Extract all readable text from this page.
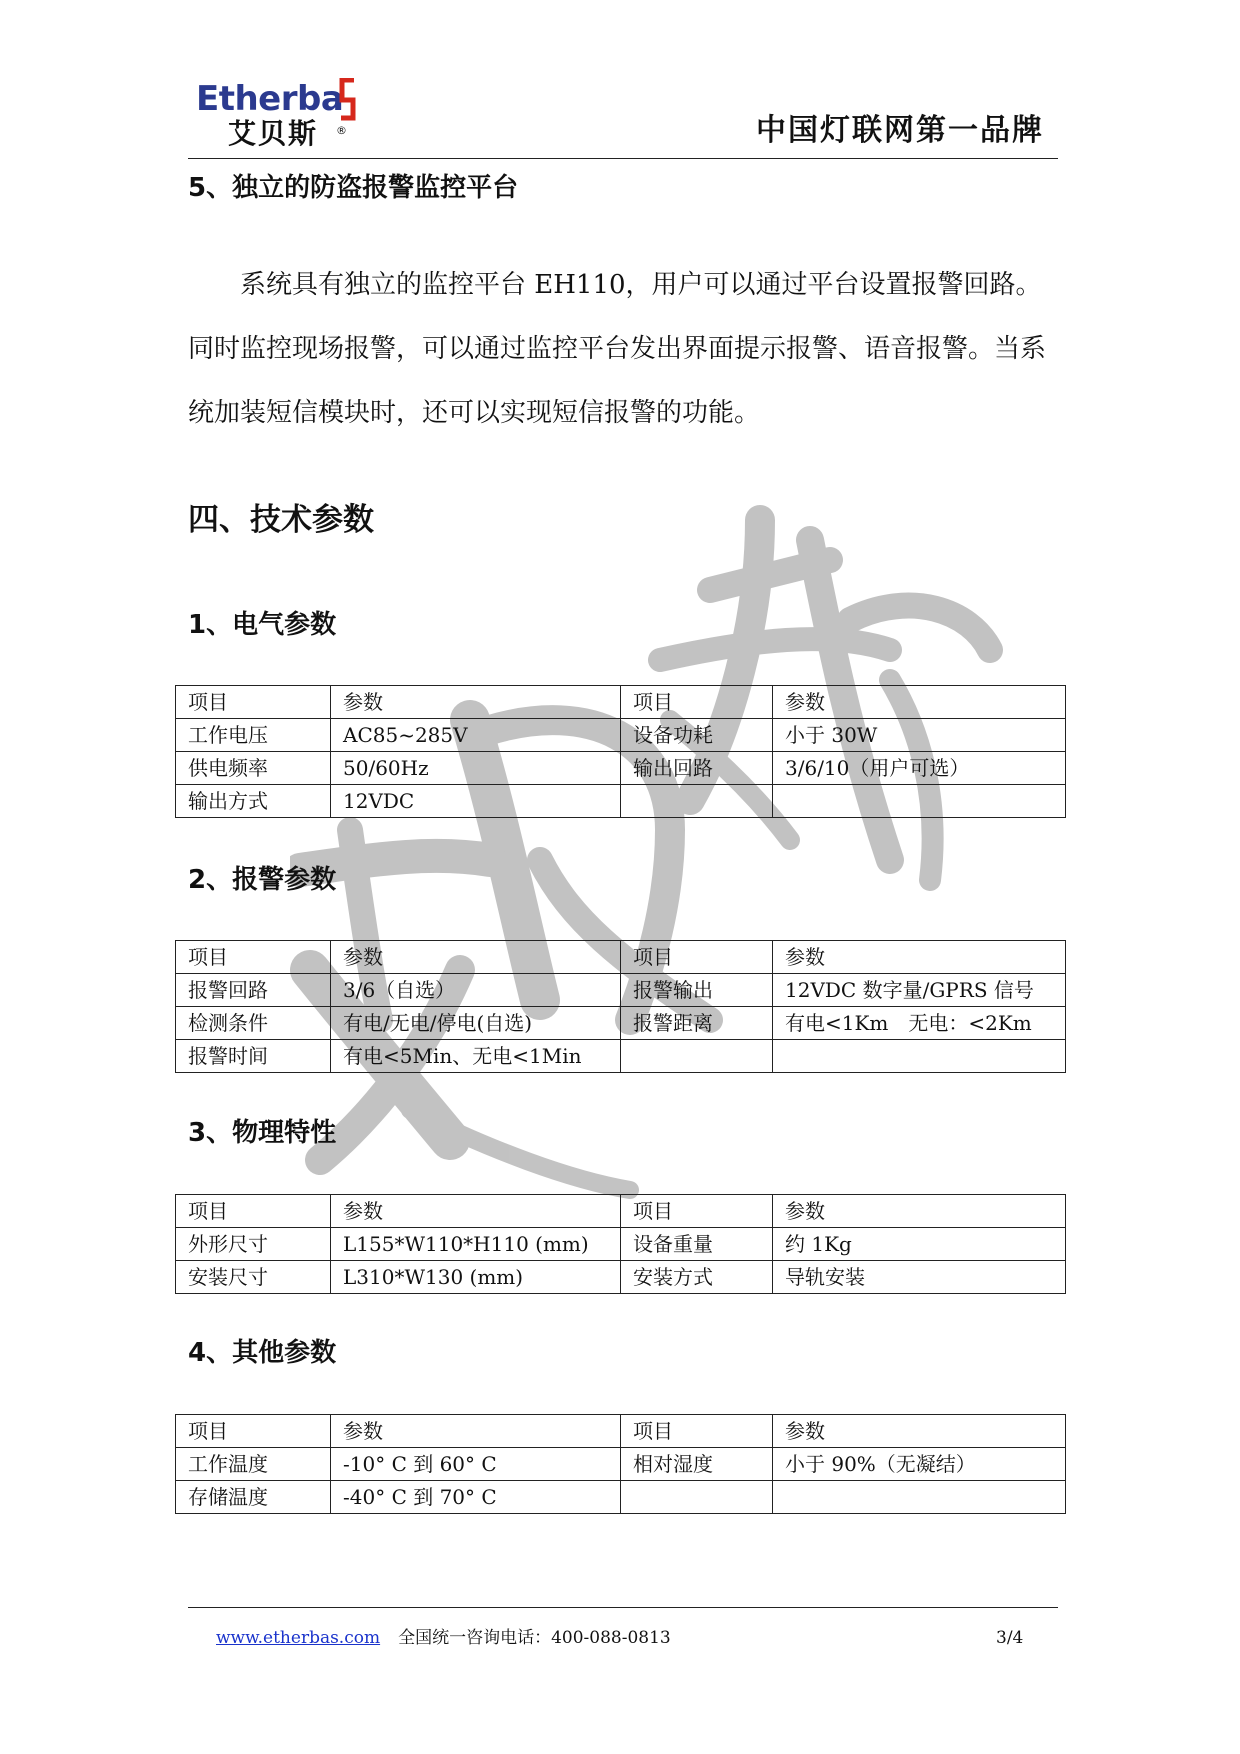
Etherba
艾贝斯 ®	中国灯联网第一品牌
5、独立的防盗报警监控平台

系统具有独立的监控平台 EH110，用户可以通过平台设置报警回路。同时监控现场报警，可以通过监控平台发出界面提示报警、语音报警。当系统加装短信模块时，还可以实现短信报警的功能。

四、技术参数
1、电气参数
项目	参数	项目	参数
工作电压	AC85~285V	设备功耗	小于 30W
供电频率	50/60Hz	输出回路	3/6/10（用户可选）
输出方式	12VDC		
2、报警参数
项目	参数	项目	参数
报警回路	3/6（自选）	报警输出	12VDC 数字量/GPRS 信号
检测条件	有电/无电/停电(自选)	报警距离	有电<1Km　无电：<2Km
报警时间	有电<5Min、无电<1Min		
3、物理特性
项目	参数	项目	参数
外形尺寸	L155*W110*H110 (mm)	设备重量	约 1Kg
安装尺寸	L310*W130 (mm)	安装方式	导轨安装
4、其他参数
项目	参数	项目	参数
工作温度	-10° C 到 60° C	相对湿度	小于 90%（无凝结）
存储温度	-40° C 到 70° C		
www.etherbas.com 全国统一咨询电话：400-088-0813	3/4
